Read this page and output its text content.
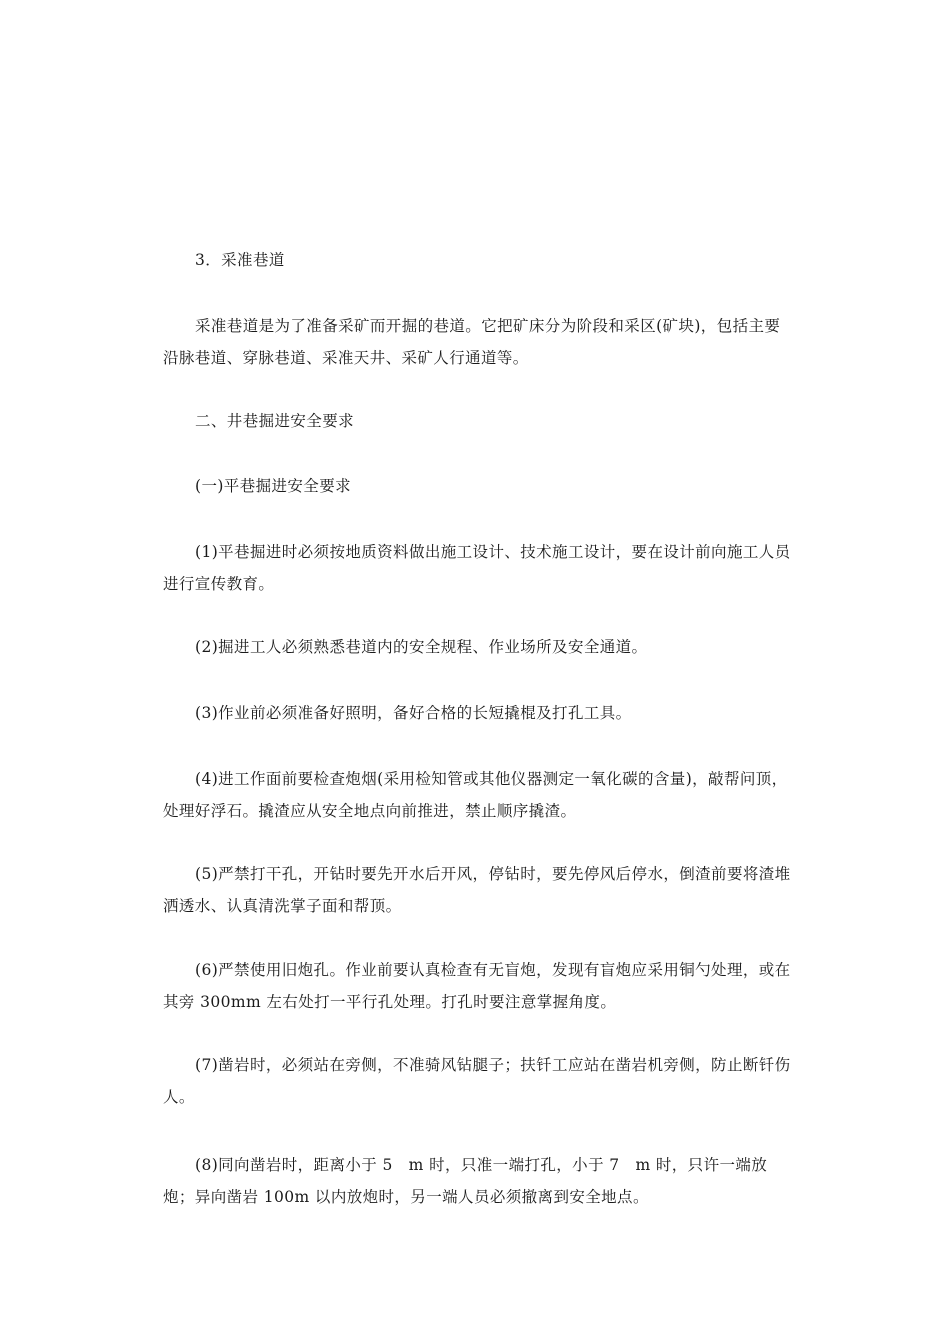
3．采准巷道

采准巷道是为了准备采矿而开掘的巷道。它把矿床分为阶段和采区(矿块)，包括主要沿脉巷道、穿脉巷道、采准天井、采矿人行通道等。

二、井巷掘进安全要求

(一)平巷掘进安全要求

(1)平巷掘进时必须按地质资料做出施工设计、技术施工设计，要在设计前向施工人员进行宣传教育。

(2)掘进工人必须熟悉巷道内的安全规程、作业场所及安全通道。

(3)作业前必须准备好照明，备好合格的长短撬棍及打孔工具。

(4)进工作面前要检查炮烟(采用检知管或其他仪器测定一氧化碳的含量)，敲帮问顶，处理好浮石。撬渣应从安全地点向前推进，禁止顺序撬渣。

(5)严禁打干孔，开钻时要先开水后开风，停钻时，要先停风后停水，倒渣前要将渣堆洒透水、认真清洗掌子面和帮顶。

(6)严禁使用旧炮孔。作业前要认真检查有无盲炮，发现有盲炮应采用铜勺处理，或在其旁 300mm 左右处打一平行孔处理。打孔时要注意掌握角度。

(7)凿岩时，必须站在旁侧，不准骑风钻腿子；扶钎工应站在凿岩机旁侧，防止断钎伤人。

(8)同向凿岩时，距离小于 5　m 时，只准一端打孔，小于 7　m 时，只许一端放炮；异向凿岩 100m 以内放炮时，另一端人员必须撤离到安全地点。
